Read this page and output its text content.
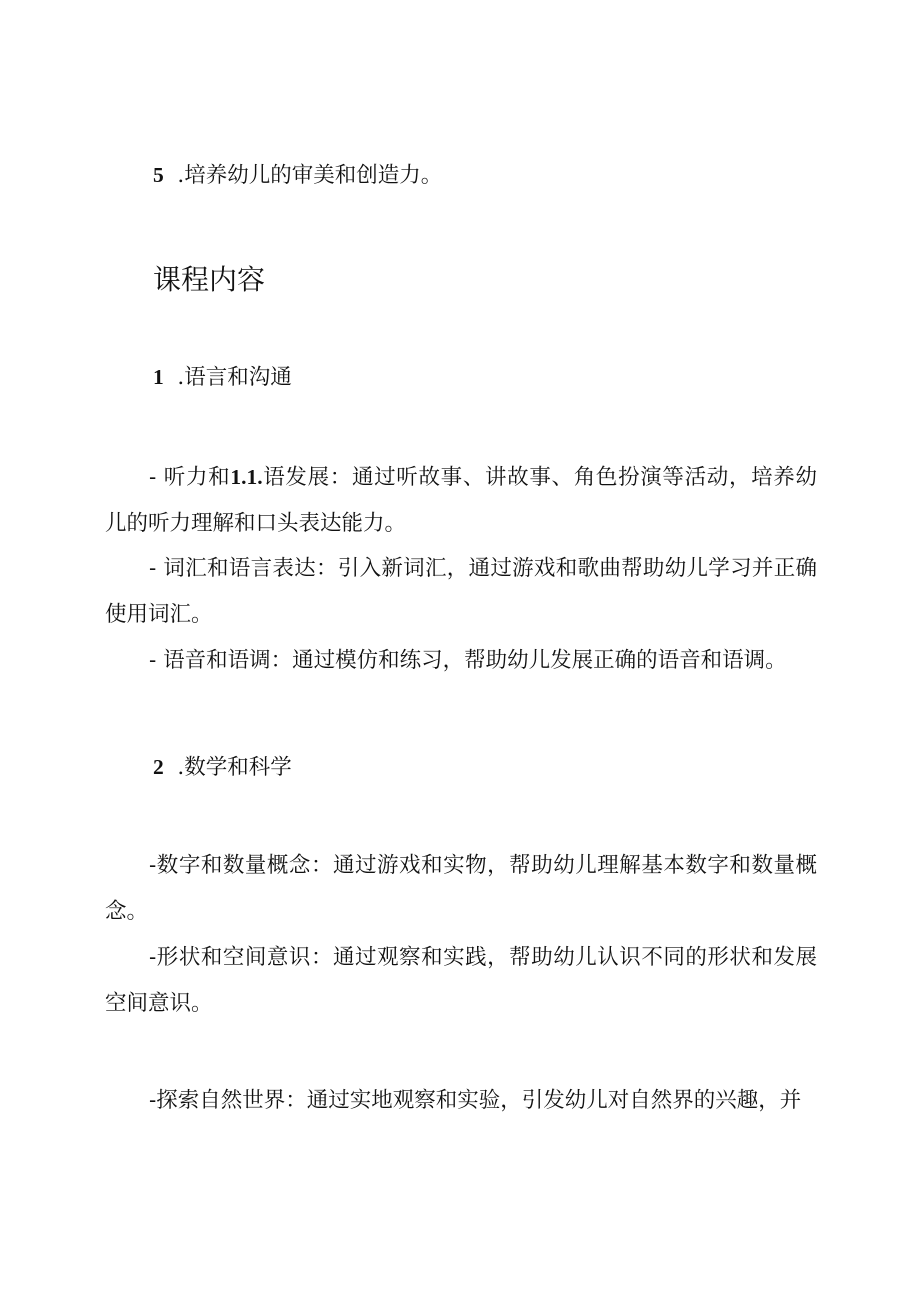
5 .培养幼儿的审美和创造力。
课程内容
1 .语言和沟通
- 听力和1.1.语发展：通过听故事、讲故事、角色扮演等活动，培养幼儿的听力理解和口头表达能力。
- 词汇和语言表达：引入新词汇，通过游戏和歌曲帮助幼儿学习并正确使用词汇。
- 语音和语调：通过模仿和练习，帮助幼儿发展正确的语音和语调。
2 .数学和科学
-数字和数量概念：通过游戏和实物，帮助幼儿理解基本数字和数量概念。
-形状和空间意识：通过观察和实践，帮助幼儿认识不同的形状和发展空间意识。
-探索自然世界：通过实地观察和实验，引发幼儿对自然界的兴趣，并
